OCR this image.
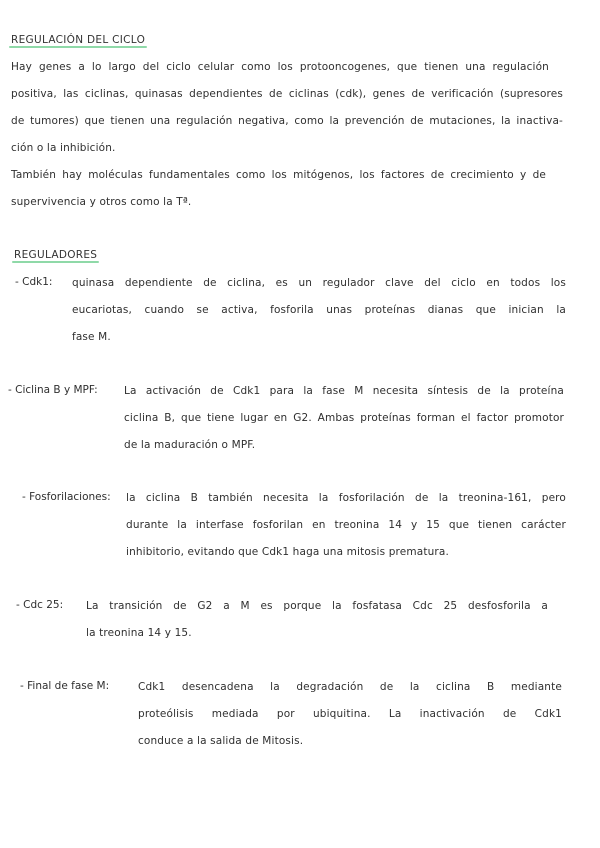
REGULACIÓN DEL CICLO
Hay genes a lo largo del ciclo celular como los protooncogenes, que tienen una regulación
positiva, las ciclinas, quinasas dependientes de ciclinas (cdk), genes de verificación (supresores
de tumores) que tienen una regulación negativa, como la prevención de mutaciones, la inactiva-
ción o la inhibición.
También hay moléculas fundamentales como los mitógenos, los factores de crecimiento y de
supervivencia y otros como la Tª.
REGULADORES
- Cdk1: quinasa dependiente de ciclina, es un regulador clave del ciclo en todos los
eucariotas, cuando se activa, fosforila unas proteínas dianas que inician la
fase M.
- Ciclina B y MPF:	La activación de Cdk1 para la fase M necesita síntesis de la proteína
ciclina B, que tiene lugar en G2. Ambas proteínas forman el factor promotor
de la maduración o MPF.
- Fosforilaciones: la ciclina B también necesita la fosforilación de la treonina-161, pero
durante la interfase fosforilan en treonina 14 y 15 que tienen carácter
inhibitorio, evitando que Cdk1 haga una mitosis prematura.
- Cdc 25: La transición de G2 a M es porque la fosfatasa Cdc 25 desfosforila a
la treonina 14 y 15.
- Final de fase M:	Cdk1 desencadena la degradación de la ciclina B mediante
proteólisis mediada por ubiquitina. La inactivación de Cdk1
conduce a la salida de Mitosis.
